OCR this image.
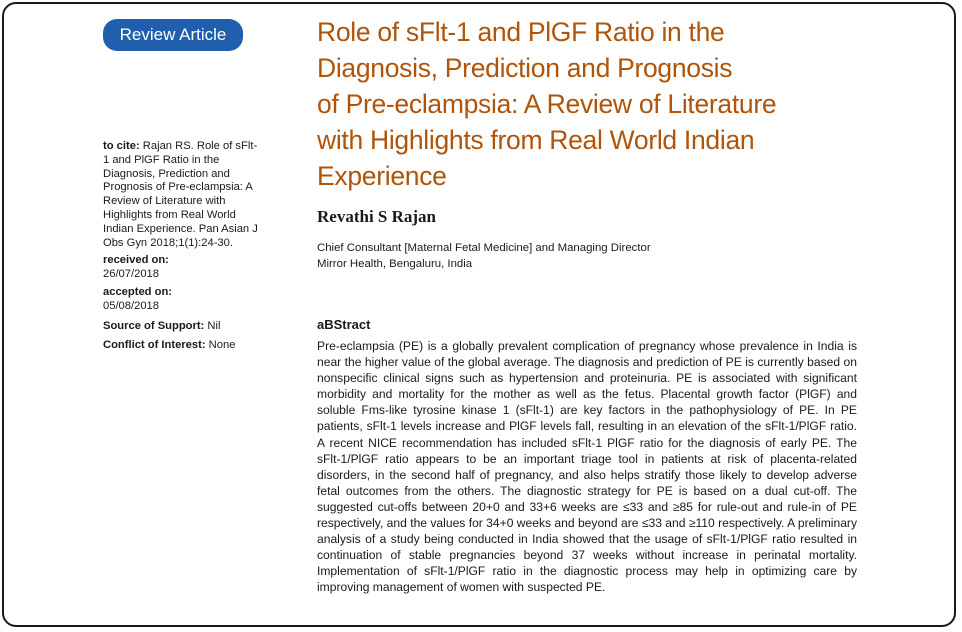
Review Article
to cite: Rajan RS. Role of sFlt-1 and PlGF Ratio in the Diagnosis, Prediction and Prognosis of Pre-eclampsia: A Review of Literature with Highlights from Real World Indian Experience. Pan Asian J Obs Gyn 2018;1(1):24-30.
received on:
26/07/2018
accepted on:
05/08/2018
Source of Support: Nil
Conflict of Interest: None
Role of sFlt-1 and PlGF Ratio in the
Diagnosis, Prediction and Prognosis
of Pre-eclampsia: A Review of Literature
with Highlights from Real World Indian
Experience
Revathi S Rajan
Chief Consultant [Maternal Fetal Medicine] and Managing Director
Mirror Health, Bengaluru, India
aBStract

Pre-eclampsia (PE) is a globally prevalent complication of pregnancy whose prevalence in India is near the higher value of the global average. The diagnosis and prediction of PE is currently based on nonspecific clinical signs such as hypertension and proteinuria. PE is associated with significant morbidity and mortality for the mother as well as the fetus. Placental growth factor (PlGF) and soluble Fms-like tyrosine kinase 1 (sFlt-1) are key factors in the pathophysiology of PE. In PE patients, sFlt-1 levels increase and PlGF levels fall, resulting in an elevation of the sFlt-1/PlGF ratio. A recent NICE recommendation has included sFlt-1 PlGF ratio for the diagnosis of early PE. The sFlt-1/PlGF ratio appears to be an important triage tool in patients at risk of placenta-related disorders, in the second half of pregnancy, and also helps stratify those likely to develop adverse fetal outcomes from the others. The diagnostic strategy for PE is based on a dual cut-off. The suggested cut-offs between 20+0 and 33+6 weeks are ≤33 and ≥85 for rule-out and rule-in of PE respectively, and the values for 34+0 weeks and beyond are ≤33 and ≥110 respectively. A preliminary analysis of a study being conducted in India showed that the usage of sFlt-1/PlGF ratio resulted in continuation of stable pregnancies beyond 37 weeks without increase in perinatal mortality. Implementation of sFlt-1/PlGF ratio in the diagnostic process may help in optimizing care by improving management of women with suspected PE.
